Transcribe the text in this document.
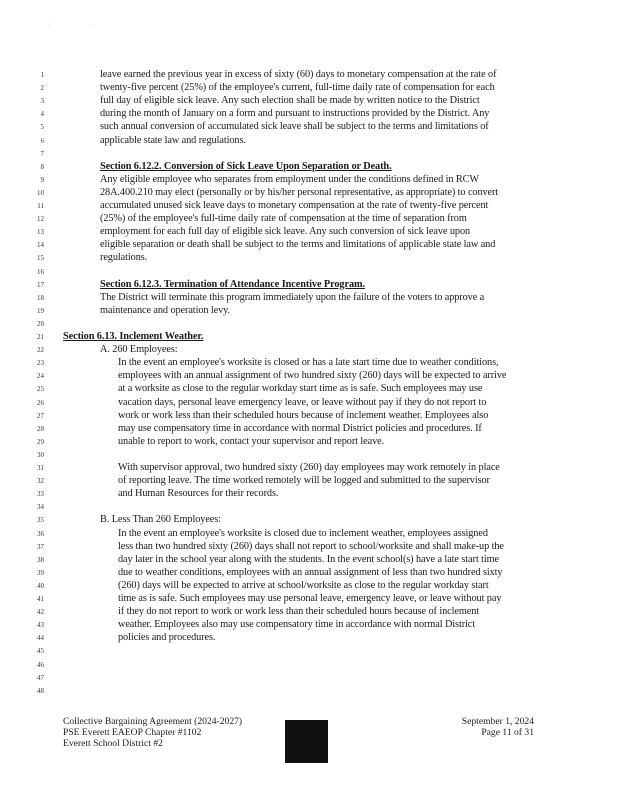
·	·
1	leave earned the previous year in excess of sixty (60) days to monetary compensation at the rate of
2	twenty-five percent (25%) of the employee's current, full-time daily rate of compensation for each
3	full day of eligible sick leave. Any such election shall be made by written notice to the District
4	during the month of January on a form and pursuant to instructions provided by the District. Any
5	such annual conversion of accumulated sick leave shall be subject to the terms and limitations of
6	applicable state law and regulations.
7
8	Section 6.12.2. Conversion of Sick Leave Upon Separation or Death.
9	Any eligible employee who separates from employment under the conditions defined in RCW
10	28A.400.210 may elect (personally or by his/her personal representative, as appropriate) to convert
11	accumulated unused sick leave days to monetary compensation at the rate of twenty-five percent
12	(25%) of the employee's full-time daily rate of compensation at the time of separation from
13	employment for each full day of eligible sick leave. Any such conversion of sick leave upon
14	eligible separation or death shall be subject to the terms and limitations of applicable state law and
15	regulations.
16
17	Section 6.12.3. Termination of Attendance Incentive Program.
18	The District will terminate this program immediately upon the failure of the voters to approve a
19	maintenance and operation levy.
20
21 Section 6.13. Inclement Weather.
22	A. 260 Employees:
23	In the event an employee's worksite is closed or has a late start time due to weather conditions,
24	employees with an annual assignment of two hundred sixty (260) days will be expected to arrive
25	at a worksite as close to the regular workday start time as is safe. Such employees may use
26	vacation days, personal leave emergency leave, or leave without pay if they do not report to
27	work or work less than their scheduled hours because of inclement weather. Employees also
28	may use compensatory time in accordance with normal District policies and procedures. If
29	unable to report to work, contact your supervisor and report leave.
30
31	With supervisor approval, two hundred sixty (260) day employees may work remotely in place
32	of reporting leave. The time worked remotely will be logged and submitted to the supervisor
33	and Human Resources for their records.
34
35	B. Less Than 260 Employees:
36	In the event an employee's worksite is closed due to inclement weather, employees assigned
37	less than two hundred sixty (260) days shall not report to school/worksite and shall make-up the
38	day later in the school year along with the students. In the event school(s) have a late start time
39	due to weather conditions, employees with an annual assignment of less than two hundred sixty
40	(260) days will be expected to arrive at school/worksite as close to the regular workday start
41	time as is safe. Such employees may use personal leave, emergency leave, or leave without pay
42	if they do not report to work or work less than their scheduled hours because of inclement
43	weather. Employees also may use compensatory time in accordance with normal District
44	policies and procedures.
45
46
47
48
Collective Bargaining Agreement (2024-2027)
PSE Everett EAEOP Chapter #1102
Everett School District #2
September 1, 2024
Page 11 of 31
